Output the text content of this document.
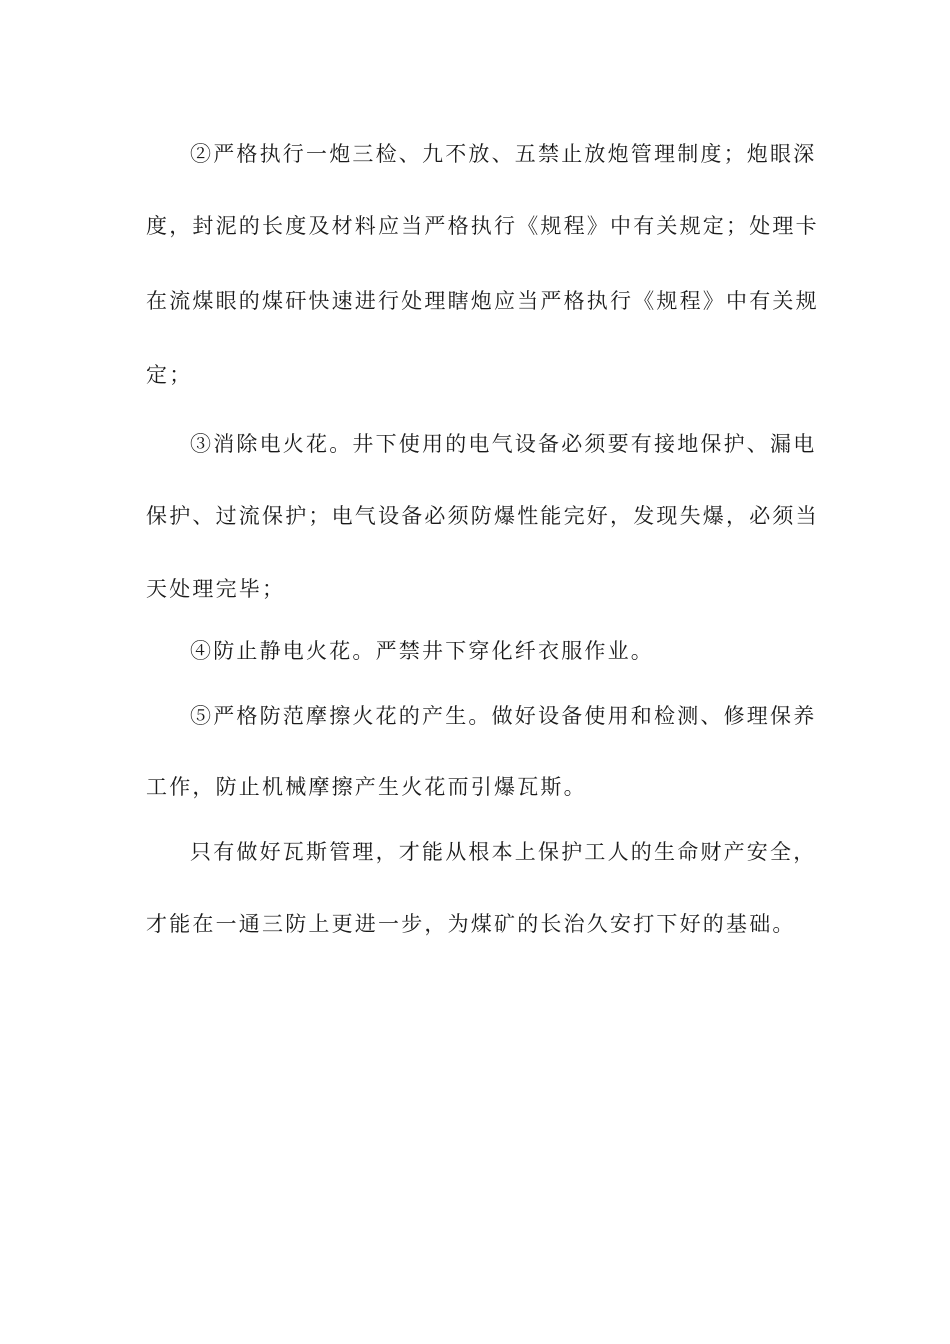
②严格执行一炮三检、九不放、五禁止放炮管理制度；炮眼深
度，封泥的长度及材料应当严格执行《规程》中有关规定；处理卡
在流煤眼的煤矸快速进行处理瞎炮应当严格执行《规程》中有关规
定；
③消除电火花。井下使用的电气设备必须要有接地保护、漏电
保护、过流保护；电气设备必须防爆性能完好，发现失爆，必须当
天处理完毕；
④防止静电火花。严禁井下穿化纤衣服作业。
⑤严格防范摩擦火花的产生。做好设备使用和检测、修理保养
工作，防止机械摩擦产生火花而引爆瓦斯。
只有做好瓦斯管理，才能从根本上保护工人的生命财产安全，
才能在一通三防上更进一步，为煤矿的长治久安打下好的基础。
